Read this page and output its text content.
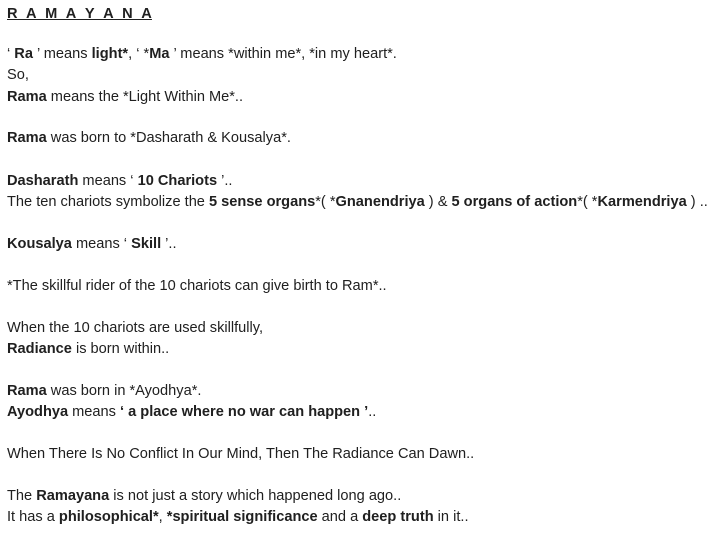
R_A_M_A_Y_A_N_A
‘ Ra ’ means light*, ‘ *Ma ’ means *within me*, *in my heart*.
So,
Rama means the *Light Within Me*..
Rama was born to *Dasharath & Kousalya*.
Dasharath means ‘ 10 Chariots ’..
The ten chariots symbolize the 5 sense organs*( *Gnanendriya ) & 5 organs of action*( *Karmendriya ) ..
Kousalya means ‘ Skill ’..
*The skillful rider of the 10 chariots can give birth to Ram*..
When the 10 chariots are used skillfully,
Radiance is born within..
Rama was born in *Ayodhya*.
Ayodhya means ‘ a place where no war can happen ’..
When There Is No Conflict In Our Mind, Then The Radiance Can Dawn..
The Ramayana is not just a story which happened long ago..
It has a philosophical*, *spiritual significance and a deep truth in it..
